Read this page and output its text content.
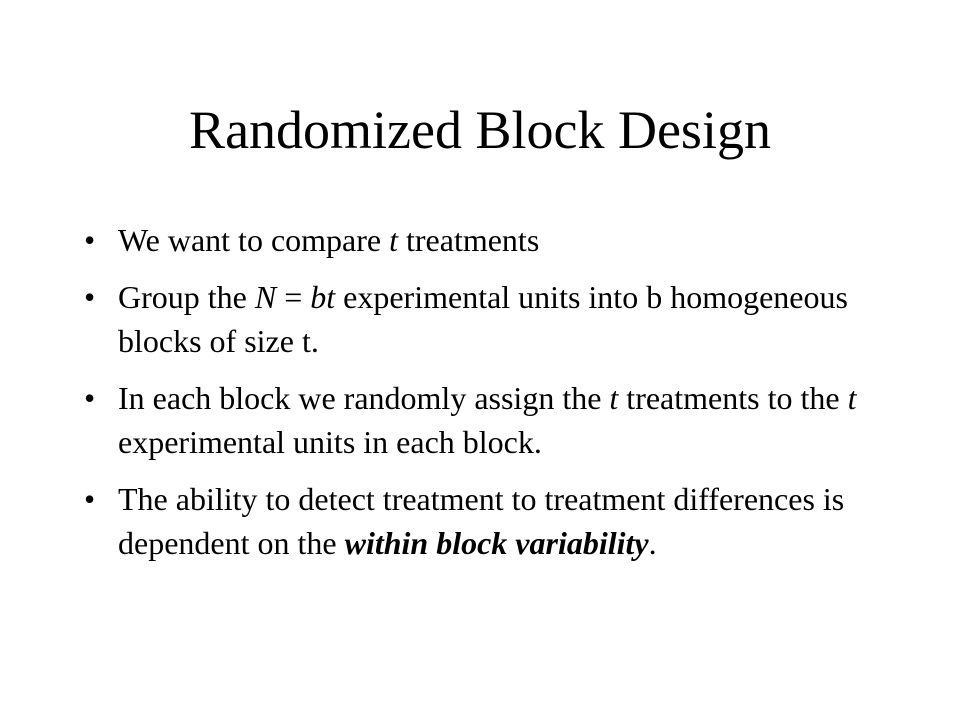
Randomized Block Design
• We want to compare t treatments
• Group the N = bt experimental units into b homogeneous blocks of size t.
• In each block we randomly assign the t treatments to the t experimental units in each block.
• The ability to detect treatment to treatment differences is dependent on the within block variability.
